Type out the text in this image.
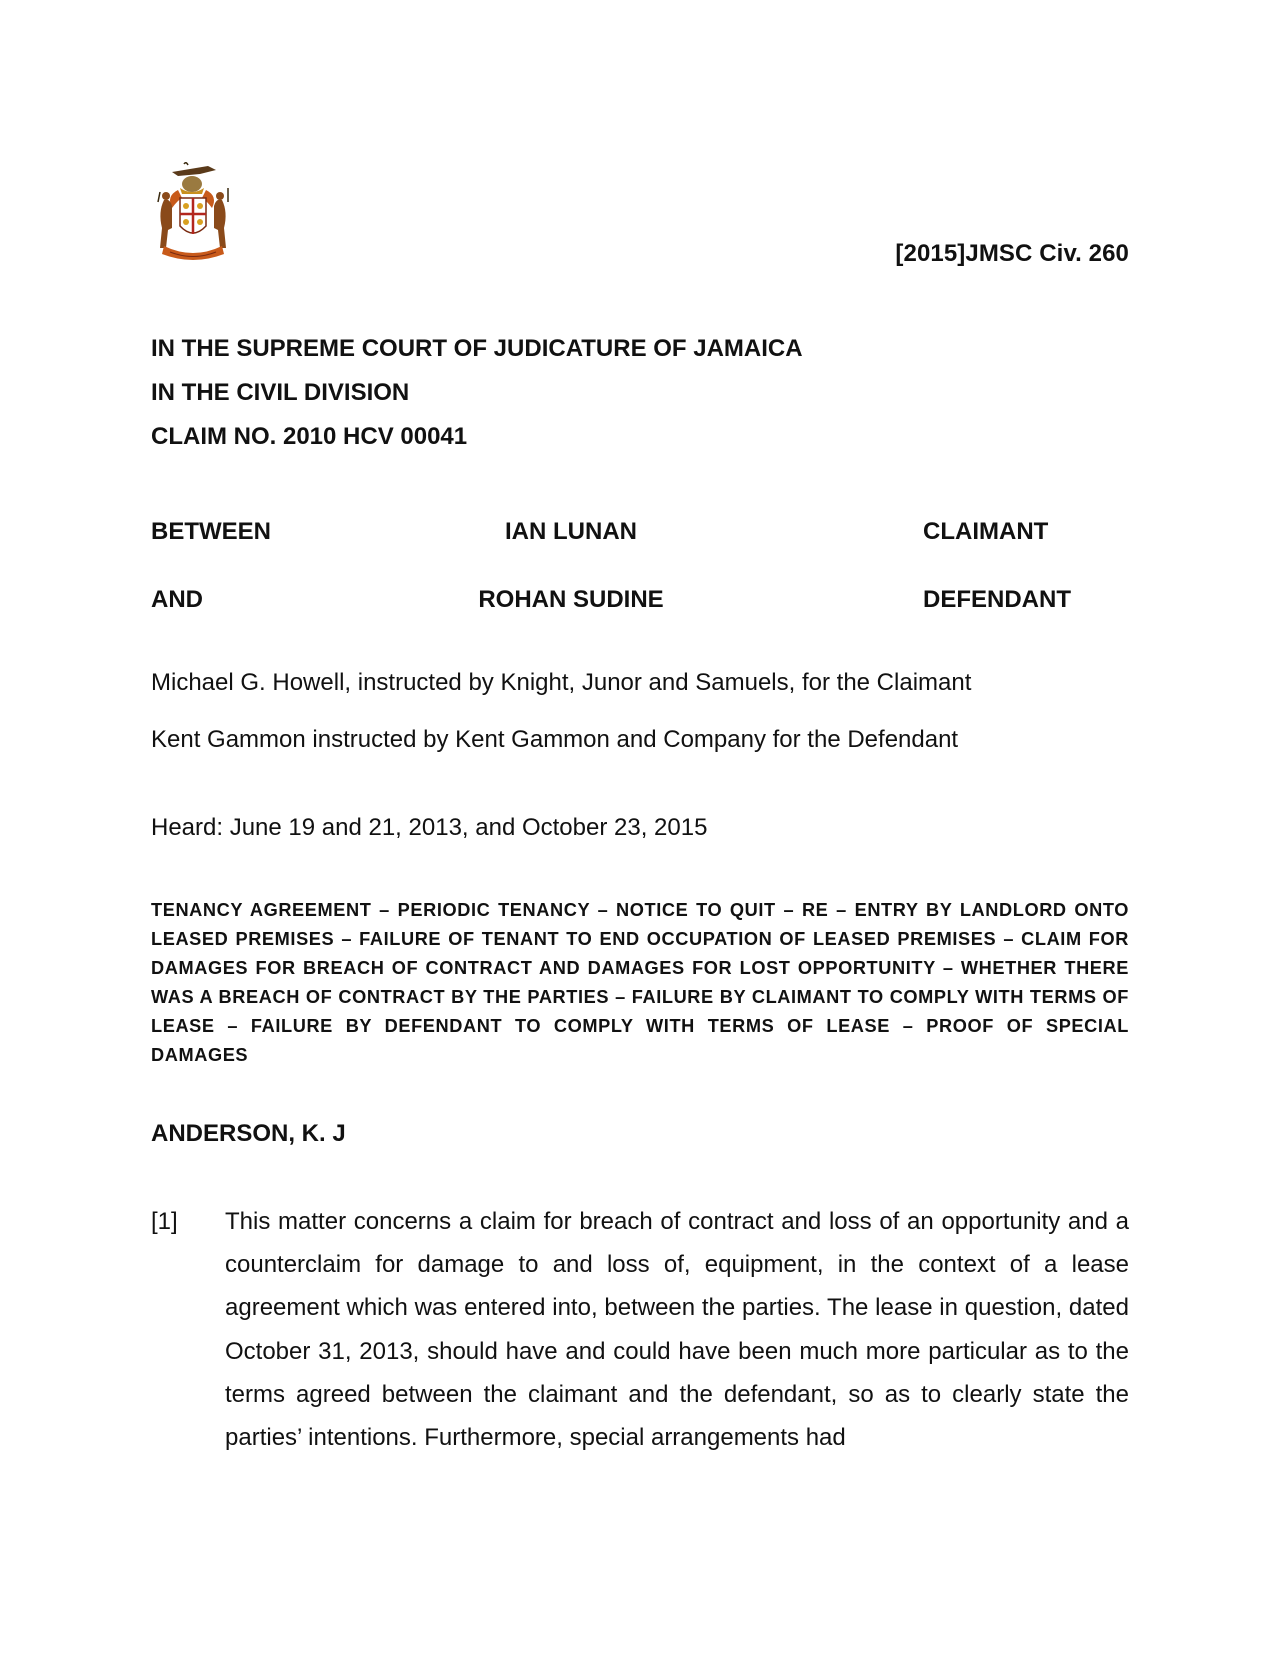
[2015]JMSC Civ. 260
IN THE SUPREME COURT OF JUDICATURE OF JAMAICA
IN THE CIVIL DIVISION
CLAIM NO. 2010 HCV 00041
BETWEEN	IAN LUNAN	CLAIMANT
AND	ROHAN SUDINE	DEFENDANT
Michael G. Howell, instructed by Knight, Junor and Samuels, for the Claimant
Kent Gammon instructed by Kent Gammon and Company for the Defendant
Heard: June 19 and 21, 2013, and October 23, 2015
TENANCY AGREEMENT – PERIODIC TENANCY – NOTICE TO QUIT – RE – ENTRY BY LANDLORD ONTO LEASED PREMISES – FAILURE OF TENANT TO END OCCUPATION OF LEASED PREMISES – CLAIM FOR DAMAGES FOR BREACH OF CONTRACT AND DAMAGES FOR LOST OPPORTUNITY – WHETHER THERE WAS A BREACH OF CONTRACT BY THE PARTIES – FAILURE BY CLAIMANT TO COMPLY WITH TERMS OF LEASE – FAILURE BY DEFENDANT TO COMPLY WITH TERMS OF LEASE – PROOF OF SPECIAL DAMAGES
ANDERSON, K. J
[1] This matter concerns a claim for breach of contract and loss of an opportunity and a counterclaim for damage to and loss of, equipment, in the context of a lease agreement which was entered into, between the parties. The lease in question, dated October 31, 2013, should have and could have been much more particular as to the terms agreed between the claimant and the defendant, so as to clearly state the parties’ intentions. Furthermore, special arrangements had
